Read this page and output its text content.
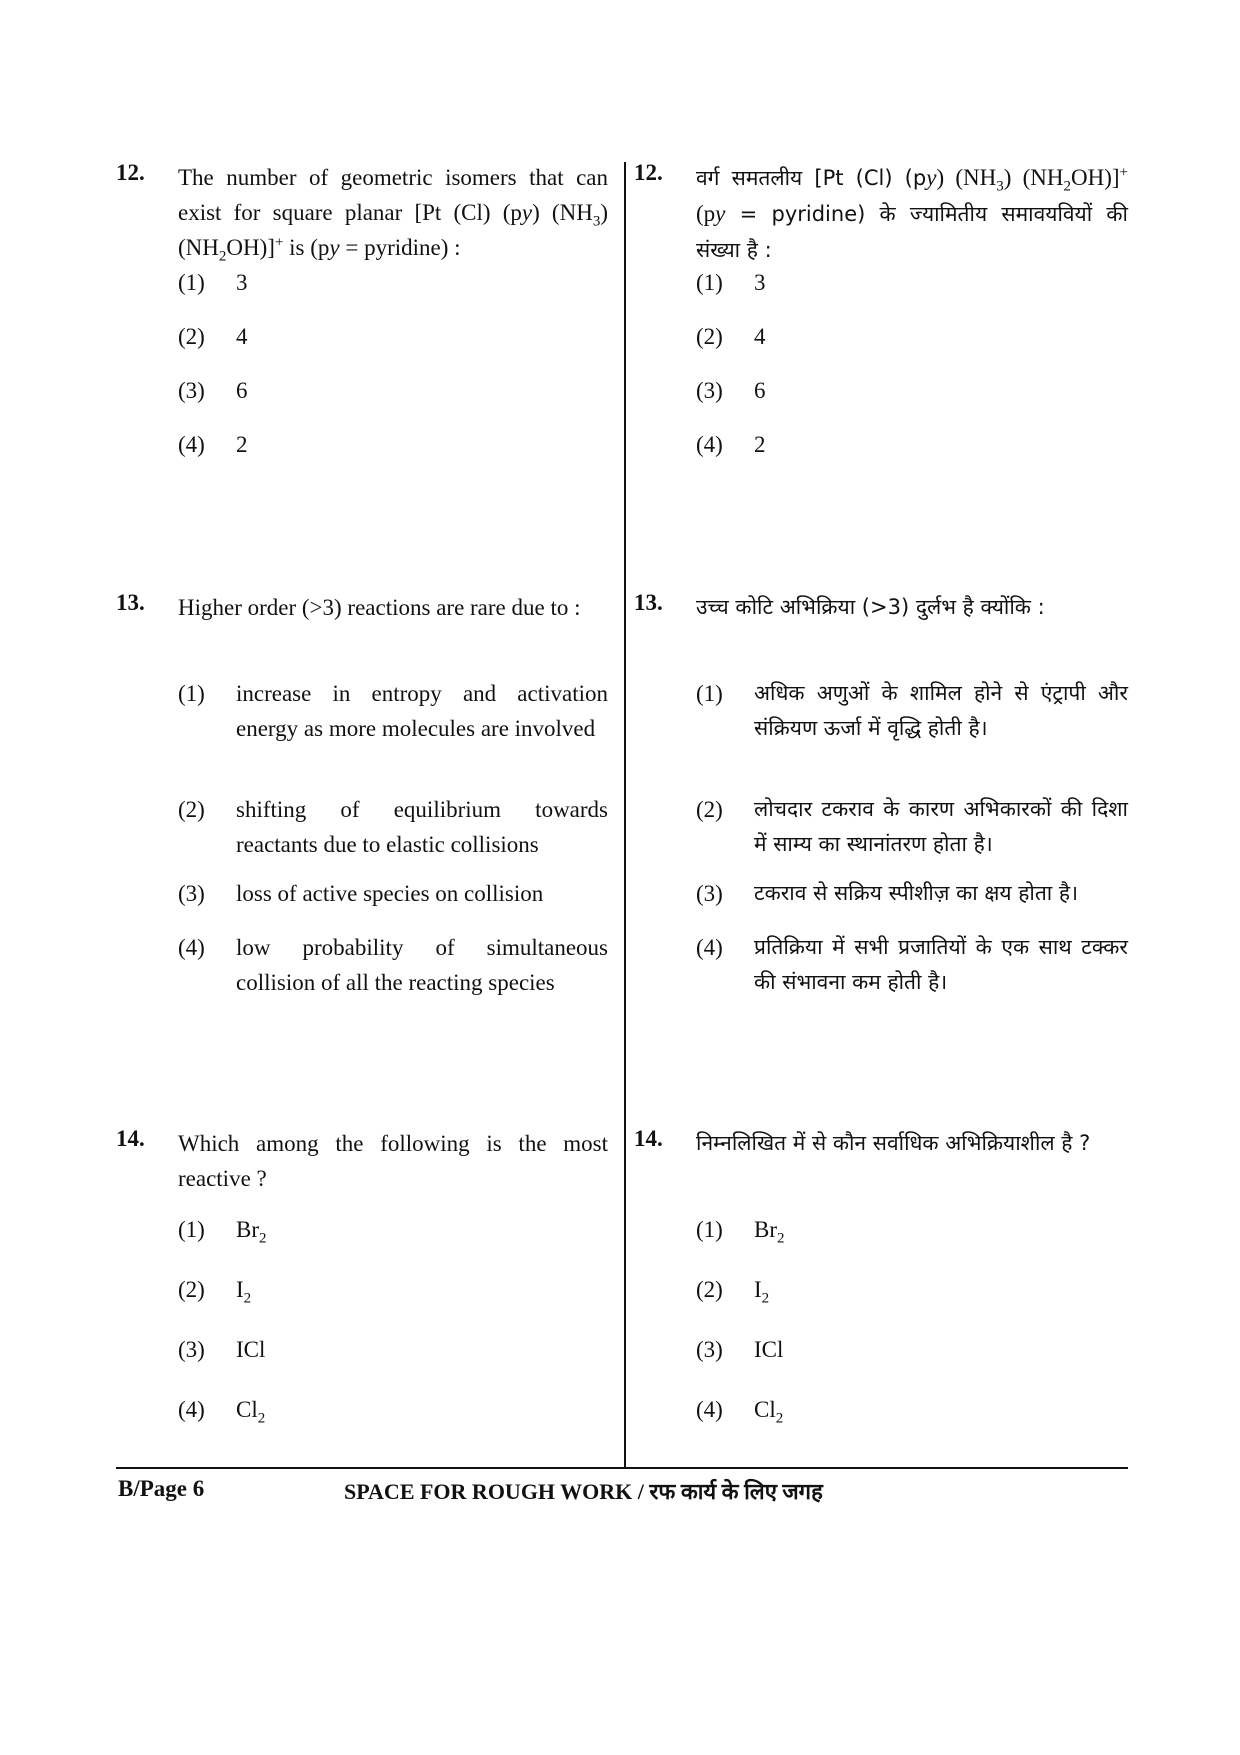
12. The number of geometric isomers that can exist for square planar [Pt (Cl) (py) $(NH_3)$ $(NH_2OH)]^+$ is (py = pyridine) :
(1) 3
(2) 4
(3) 6
(4) 2
13. Higher order (>3) reactions are rare due to :
(1) increase in entropy and activation energy as more molecules are involved
(2) shifting of equilibrium towards reactants due to elastic collisions
(3) loss of active species on collision
(4) low probability of simultaneous collision of all the reacting species
14. Which among the following is the most reactive ?
(1) $Br_2$
(2) $I_2$
(3) ICl
(4) $Cl_2$
12. वर्ग समतलीय [Pt (Cl) (py) $(NH_3)$ $(NH_2OH)]^+$ (py = pyridine) के ज्यामितीय समावयवियों की संख्या है :
(1) 3
(2) 4
(3) 6
(4) 2
13. उच्च कोटि अभिक्रिया (>3) दुर्लभ है क्योंकि :
(1) अधिक अणुओं के शामिल होने से एंट्रापी और संक्रियण ऊर्जा में वृद्धि होती है।
(2) लोचदार टकराव के कारण अभिकारकों की दिशा में साम्य का स्थानांतरण होता है।
(3) टकराव से सक्रिय स्पीशीज़ का क्षय होता है।
(4) प्रतिक्रिया में सभी प्रजातियों के एक साथ टक्कर की संभावना कम होती है।
14. निम्नलिखित में से कौन सर्वाधिक अभिक्रियाशील है ?
(1) $Br_2$
(2) $I_2$
(3) ICl
(4) $Cl_2$
B/Page 6	SPACE FOR ROUGH WORK / रफ कार्य के लिए जगह
